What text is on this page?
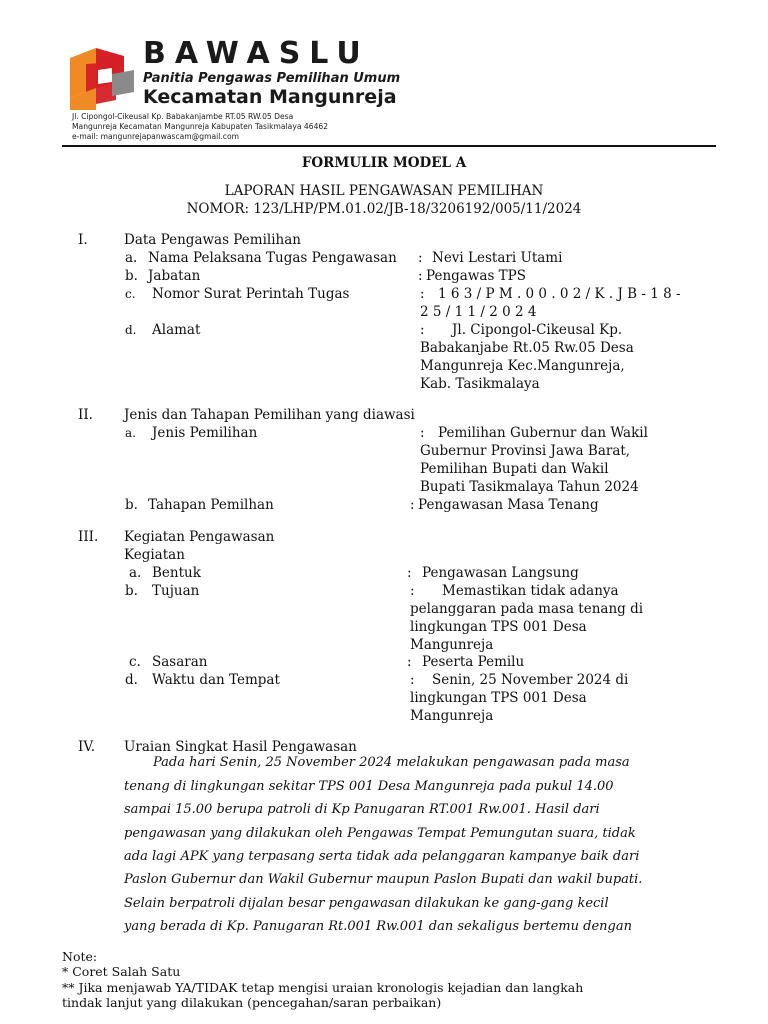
BAWASLU
Panitia Pengawas Pemilihan Umum
Kecamatan Mangunreja
Jl. Cipongol-Cikeusal Kp. Babakanjambe RT.05 RW.05 Desa
Mangunreja Kecamatan Mangunreja Kabupaten Tasikmalaya 46462
e-mail: mangunrejapanwascam@gmail.com
FORMULIR MODEL A
LAPORAN HASIL PENGAWASAN PEMILIHAN
NOMOR: 123/LHP/PM.01.02/JB-18/3206192/005/11/2024
I.	Data Pengawas Pemilihan
a. Nama Pelaksana Tugas Pengawasan : Nevi Lestari Utami
b. Jabatan	: Pengawas TPS
c. Nomor Surat Perintah Tugas	: 1 6 3 / P M . 0 0 . 0 2 / K . J B - 1 8 -
2 5 / 1 1 / 2 0 2 4
d. Alamat	: Jl. Cipongol-Cikeusal Kp.
Babakanjabe Rt.05 Rw.05 Desa
Mangunreja Kec.Mangunreja,
Kab. Tasikmalaya
II. Jenis dan Tahapan Pemilihan yang diawasi
a. Jenis Pemilihan	: Pemilihan Gubernur dan Wakil
Gubernur Provinsi Jawa Barat,
Pemilihan Bupati dan Wakil
Bupati Tasikmalaya Tahun 2024
b. Tahapan Pemilhan	: Pengawasan Masa Tenang
III. Kegiatan Pengawasan
Kegiatan
a. Bentuk	: Pengawasan Langsung
b. Tujuan	: Memastikan tidak adanya
pelanggaran pada masa tenang di
lingkungan TPS 001 Desa
Mangunreja
c. Sasaran	: Peserta Pemilu
d. Waktu dan Tempat	: Senin, 25 November 2024 di
lingkungan TPS 001 Desa
Mangunreja
IV. Uraian Singkat Hasil Pengawasan
Pada hari Senin, 25 November 2024 melakukan pengawasan pada masa
tenang di lingkungan sekitar TPS 001 Desa Mangunreja pada pukul 14.00
sampai 15.00 berupa patroli di Kp Panugaran RT.001 Rw.001. Hasil dari
pengawasan yang dilakukan oleh Pengawas Tempat Pemungutan suara, tidak
ada lagi APK yang terpasang serta tidak ada pelanggaran kampanye baik dari
Paslon Gubernur dan Wakil Gubernur maupun Paslon Bupati dan wakil bupati.
Selain berpatroli dijalan besar pengawasan dilakukan ke gang-gang kecil
yang berada di Kp. Panugaran Rt.001 Rw.001 dan sekaligus bertemu dengan
Note:
* Coret Salah Satu
** Jika menjawab YA/TIDAK tetap mengisi uraian kronologis kejadian dan langkah
tindak lanjut yang dilakukan (pencegahan/saran perbaikan)
